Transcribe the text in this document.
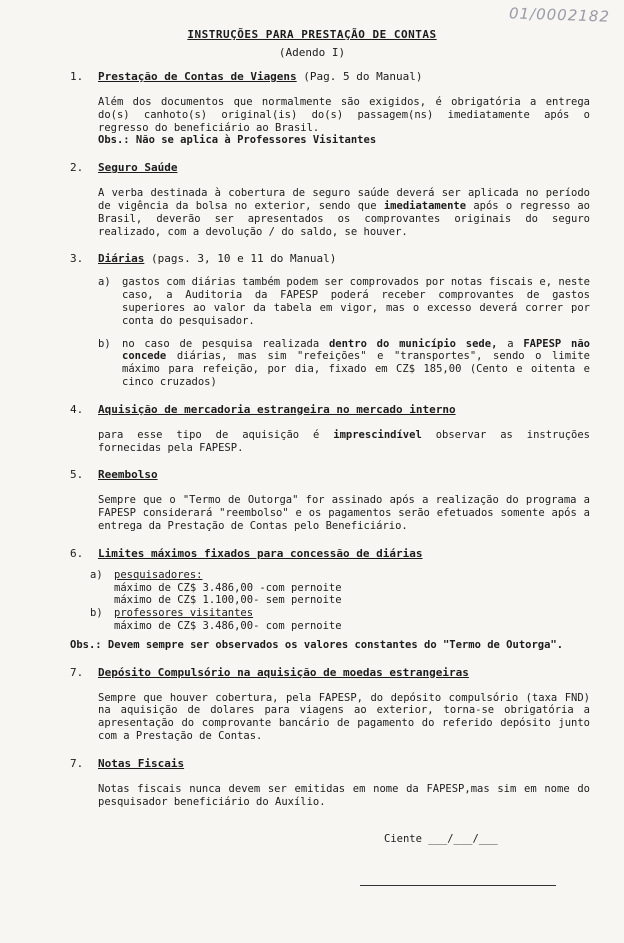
01/0002182
INSTRUÇÕES PARA PRESTAÇÃO DE CONTAS
(Adendo I)
1.	Prestação de Contas de Viagens (Pag. 5 do Manual)
Além dos documentos que normalmente são exigidos, é obrigatória a entrega do(s) canhoto(s) original(is) do(s) passagem(ns) imediatamente após o regresso do beneficiário ao Brasil.
Obs.: Não se aplica à Professores Visitantes
2.	Seguro Saúde
A verba destinada à cobertura de seguro saúde deverá ser aplicada no período de vigência da bolsa no exterior, sendo que imediatamente após o regresso ao Brasil, deverão ser apresentados os comprovantes originais do seguro realizado, com a devolução / do saldo, se houver.
3.	Diárias (pags. 3, 10 e 11 do Manual)
a)	gastos com diárias também podem ser comprovados por notas fiscais e, neste caso, a Auditoria da FAPESP poderá receber comprovantes de gastos superiores ao valor da tabela em vigor, mas o excesso deverá correr por conta do pesquisador.
b)	no caso de pesquisa realizada dentro do município sede, a FAPESP não concede diárias, mas sim "refeições" e "transportes", sendo o limite máximo para refeição, por dia, fixado em CZ$ 185,00 (Cento e oitenta e cinco cruzados)
4.	Aquisição de mercadoria estrangeira no mercado interno
para esse tipo de aquisição é imprescindível observar as instruções fornecidas pela FAPESP.
5.	Reembolso
Sempre que o "Termo de Outorga" for assinado após a realização do programa a FAPESP considerará "reembolso" e os pagamentos serão efetuados somente após a entrega da Prestação de Contas pelo Beneficiário.
6.	Limites máximos fixados para concessão de diárias
a)	pesquisadores:
máximo de CZ$ 3.486,00 -com pernoite
máximo de CZ$ 1.100,00- sem pernoite
b)	professores visitantes
máximo de CZ$ 3.486,00- com pernoite
Obs.: Devem sempre ser observados os valores constantes do "Termo de Outorga".
7.	Depósito Compulsório na aquisição de moedas estrangeiras
Sempre que houver cobertura, pela FAPESP, do depósito compulsório (taxa FND) na aquisição de dolares para viagens ao exterior, torna-se obrigatória a apresentação do comprovante bancário de pagamento do referido depósito junto com a Prestação de Contas.
7.	Notas Fiscais
Notas fiscais nunca devem ser emitidas em nome da FAPESP,mas sim em nome do pesquisador beneficiário do Auxílio.
Ciente ___/___/___
